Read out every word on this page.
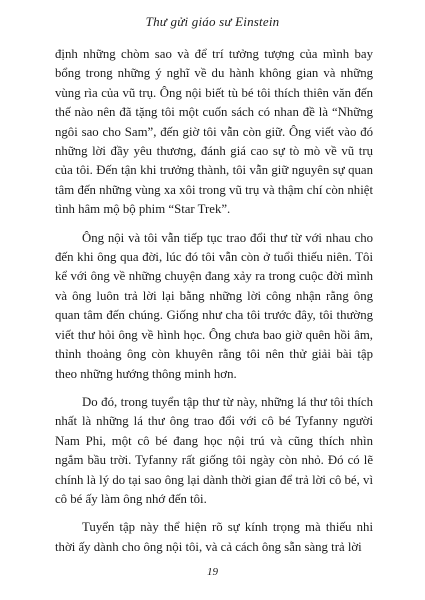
Thư gửi giáo sư Einstein

định những chòm sao và để trí tưởng tượng của mình bay bổng trong những ý nghĩ về du hành không gian và những vùng rìa của vũ trụ. Ông nội biết tù bé tôi thích thiên văn đến thế nào nên đã tặng tôi một cuốn sách có nhan đề là “Những ngôi sao cho Sam”, đến giờ tôi vẫn còn giữ. Ông viết vào đó những lời đầy yêu thương, đánh giá cao sự tò mò về vũ trụ của tôi. Đến tận khi trưởng thành, tôi vẫn giữ nguyên sự quan tâm đến những vùng xa xôi trong vũ trụ và thậm chí còn nhiệt tình hâm mộ bộ phim “Star Trek”.

Ông nội và tôi vẫn tiếp tục trao đổi thư từ với nhau cho đến khi ông qua đời, lúc đó tôi vẫn còn ở tuổi thiếu niên. Tôi kể với ông về những chuyện đang xảy ra trong cuộc đời mình và ông luôn trả lời lại bằng những lời công nhận rằng ông quan tâm đến chúng. Giống như cha tôi trước đây, tôi thường viết thư hỏi ông về hình học. Ông chưa bao giờ quên hồi âm, thỉnh thoảng ông còn khuyên rằng tôi nên thử giải bài tập theo những hướng thông minh hơn.

Do đó, trong tuyển tập thư từ này, những lá thư tôi thích nhất là những lá thư ông trao đổi với cô bé Tyfanny người Nam Phi, một cô bé đang học nội trú và cũng thích nhìn ngắm bầu trời. Tyfanny rất giống tôi ngày còn nhỏ. Đó có lẽ chính là lý do tại sao ông lại dành thời gian để trả lời cô bé, vì cô bé ấy làm ông nhớ đến tôi.

Tuyển tập này thể hiện rõ sự kính trọng mà thiếu nhi thời ấy dành cho ông nội tôi, và cả cách ông sẵn sàng trả lời

19
